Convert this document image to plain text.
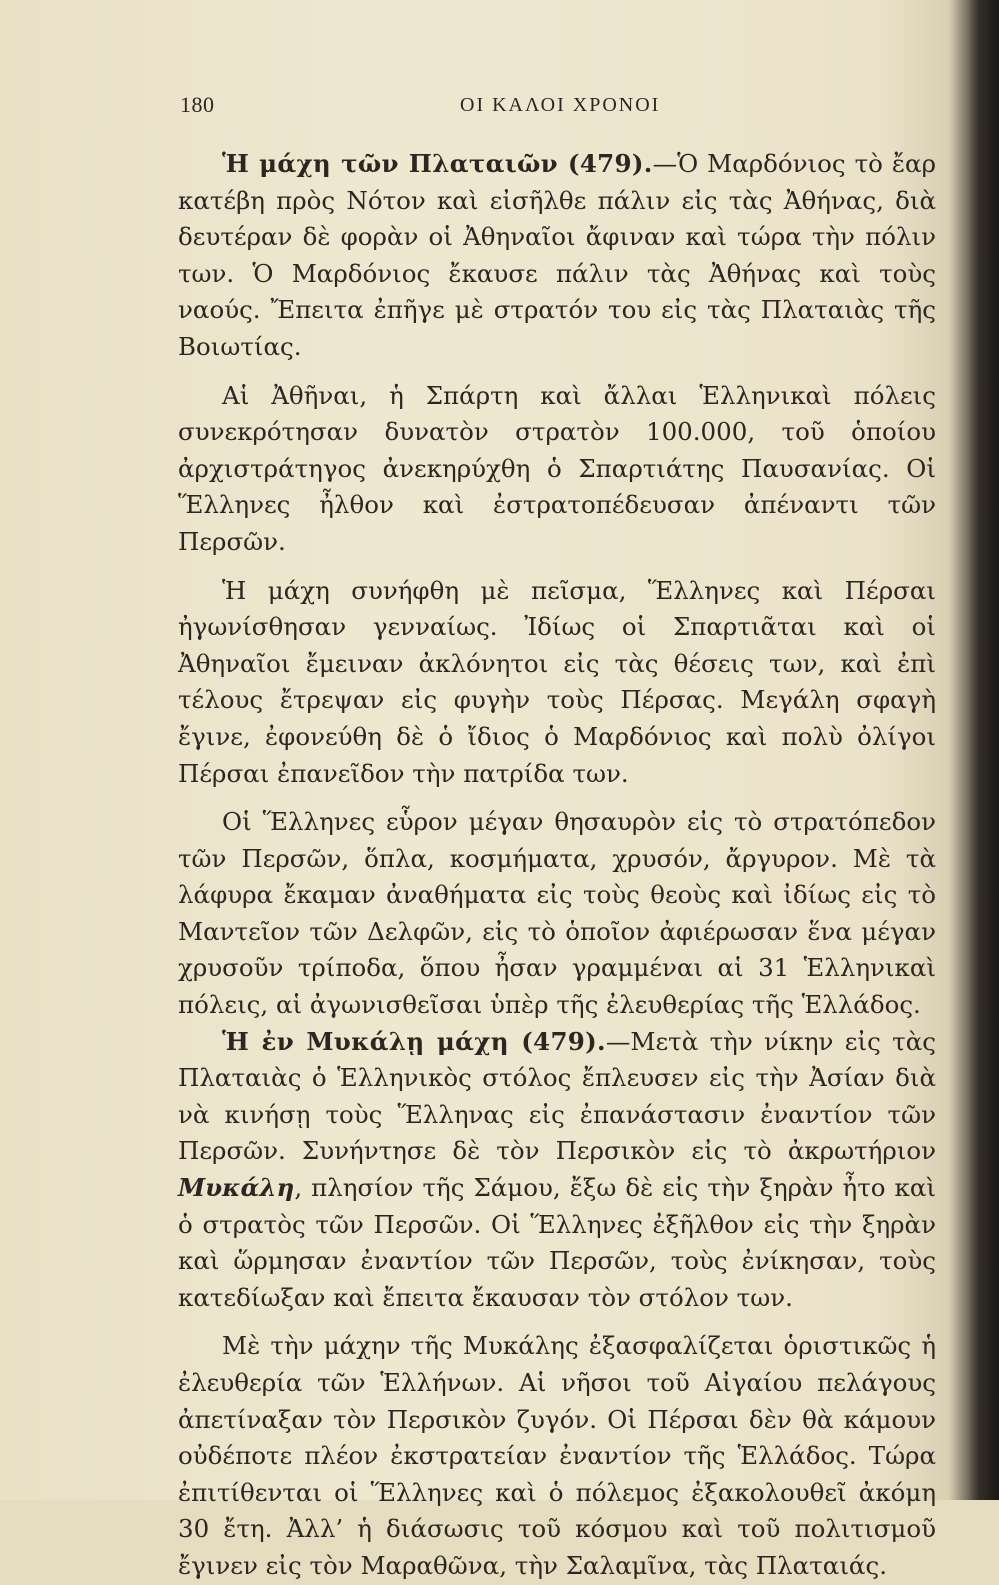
180	ΟΙ ΚΑΛΟΙ ΧΡΟΝΟΙ

Ἡ μάχη τῶν Πλαταιῶν (479).—Ὁ Μαρδόνιος τὸ ἔαρ κατέβη πρὸς Νότον καὶ εἰσῆλθε πάλιν εἰς τὰς Ἀθήνας, διὰ δευτέραν δὲ φορὰν οἱ Ἀθηναῖοι ἄφιναν καὶ τώρα τὴν πόλιν των. Ὁ Μαρδόνιος ἔκαυσε πάλιν τὰς Ἀθήνας καὶ τοὺς ναούς. Ἔπειτα ἐπῆγε μὲ στρατόν του εἰς τὰς Πλαταιὰς τῆς Βοιωτίας.

Αἱ Ἀθῆναι, ἡ Σπάρτη καὶ ἄλλαι Ἑλληνικαὶ πόλεις συνεκρότησαν δυνατὸν στρατὸν 100.000, τοῦ ὁποίου ἀρχιστράτηγος ἀνεκηρύχθη ὁ Σπαρτιάτης Παυσανίας. Οἱ Ἕλληνες ἦλθον καὶ ἐστρατοπέδευσαν ἀπέναντι τῶν Περσῶν.

Ἡ μάχη συνήφθη μὲ πεῖσμα, Ἕλληνες καὶ Πέρσαι ἠγωνίσθησαν γενναίως. Ἰδίως οἱ Σπαρτιᾶται καὶ οἱ Ἀθηναῖοι ἔμειναν ἀκλόνητοι εἰς τὰς θέσεις των, καὶ ἐπὶ τέλους ἔτρεψαν εἰς φυγὴν τοὺς Πέρσας. Μεγάλη σφαγὴ ἔγινε, ἐφονεύθη δὲ ὁ ἴδιος ὁ Μαρδόνιος καὶ πολὺ ὀλίγοι Πέρσαι ἐπανεῖδον τὴν πατρίδα των.

Οἱ Ἕλληνες εὗρον μέγαν θησαυρὸν εἰς τὸ στρατόπεδον τῶν Περσῶν, ὅπλα, κοσμήματα, χρυσόν, ἄργυρον. Μὲ τὰ λάφυρα ἔκαμαν ἀναθήματα εἰς τοὺς θεοὺς καὶ ἰδίως εἰς τὸ Μαντεῖον τῶν Δελφῶν, εἰς τὸ ὁποῖον ἀφιέρωσαν ἕνα μέγαν χρυσοῦν τρίποδα, ὅπου ἦσαν γραμμέναι αἱ 31 Ἑλληνικαὶ πόλεις, αἱ ἀγωνισθεῖσαι ὑπὲρ τῆς ἐλευθερίας τῆς Ἑλλάδος.

Ἡ ἐν Μυκάλῃ μάχη (479).—Μετὰ τὴν νίκην εἰς τὰς Πλαταιὰς ὁ Ἑλληνικὸς στόλος ἔπλευσεν εἰς τὴν Ἀσίαν διὰ νὰ κινήσῃ τοὺς Ἕλληνας εἰς ἐπανάστασιν ἐναντίον τῶν Περσῶν. Συνήντησε δὲ τὸν Περσικὸν εἰς τὸ ἀκρωτήριον Μυκάλη, πλησίον τῆς Σάμου, ἔξω δὲ εἰς τὴν ξηρὰν ἦτο καὶ ὁ στρατὸς τῶν Περσῶν. Οἱ Ἕλληνες ἐξῆλθον εἰς τὴν ξηρὰν καὶ ὥρμησαν ἐναντίον τῶν Περσῶν, τοὺς ἐνίκησαν, τοὺς κατεδίωξαν καὶ ἔπειτα ἔκαυσαν τὸν στόλον των.

Μὲ τὴν μάχην τῆς Μυκάλης ἐξασφαλίζεται ὁριστικῶς ἡ ἐλευθερία τῶν Ἑλλήνων. Αἱ νῆσοι τοῦ Αἰγαίου πελάγους ἀπετίναξαν τὸν Περσικὸν ζυγόν. Οἱ Πέρσαι δὲν θὰ κάμουν οὐδέποτε πλέον ἐκστρατείαν ἐναντίον τῆς Ἑλλάδος. Τώρα ἐπιτίθενται οἱ Ἕλληνες καὶ ὁ πόλεμος ἐξακολουθεῖ ἀκόμη 30 ἔτη. Ἀλλ’ ἡ διάσωσις τοῦ κόσμου καὶ τοῦ πολιτισμοῦ ἔγινεν εἰς τὸν Μαραθῶνα, τὴν Σαλαμῖνα, τὰς Πλαταιάς.
